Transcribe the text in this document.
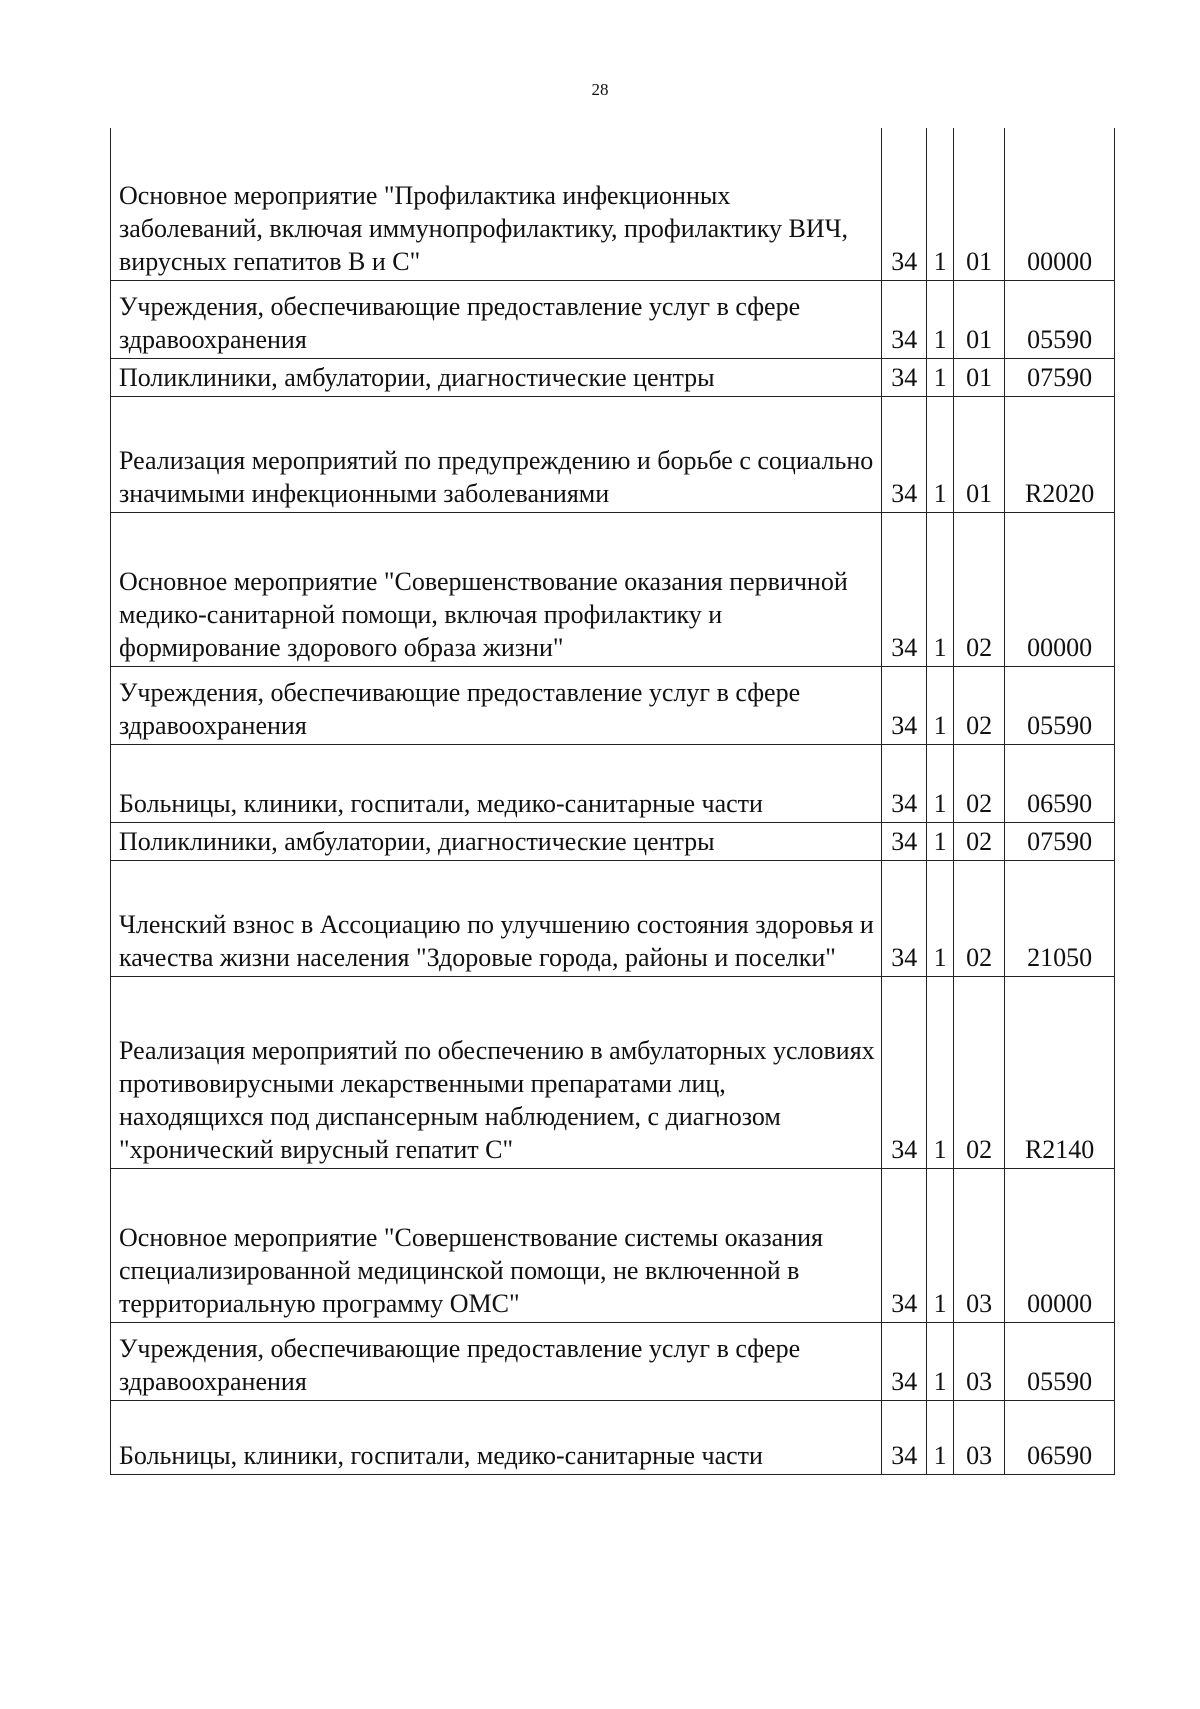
28
Основное мероприятие "Профилактика инфекционных заболеваний, включая иммунопрофилактику, профилактику ВИЧ, вирусных гепатитов В и С"	34	1	01	00000
Учреждения, обеспечивающие предоставление услуг в сфере здравоохранения	34	1	01	05590
Поликлиники, амбулатории, диагностические центры	34	1	01	07590
Реализация мероприятий по предупреждению и борьбе с социально значимыми инфекционными заболеваниями	34	1	01	R2020
Основное мероприятие "Совершенствование оказания первичной медико-санитарной помощи, включая профилактику и формирование здорового образа жизни"	34	1	02	00000
Учреждения, обеспечивающие предоставление услуг в сфере здравоохранения	34	1	02	05590
Больницы, клиники, госпитали, медико-санитарные части	34	1	02	06590
Поликлиники, амбулатории, диагностические центры	34	1	02	07590
Членский взнос в Ассоциацию по улучшению состояния здоровья и качества жизни населения "Здоровые города, районы и поселки"	34	1	02	21050
Реализация мероприятий по обеспечению в амбулаторных условиях противовирусными лекарственными препаратами лиц, находящихся под диспансерным наблюдением, с диагнозом "хронический вирусный гепатит С"	34	1	02	R2140
Основное мероприятие "Совершенствование системы оказания специализированной медицинской помощи, не включенной в территориальную программу ОМС"	34	1	03	00000
Учреждения, обеспечивающие предоставление услуг в сфере здравоохранения	34	1	03	05590
Больницы, клиники, госпитали, медико-санитарные части	34	1	03	06590
